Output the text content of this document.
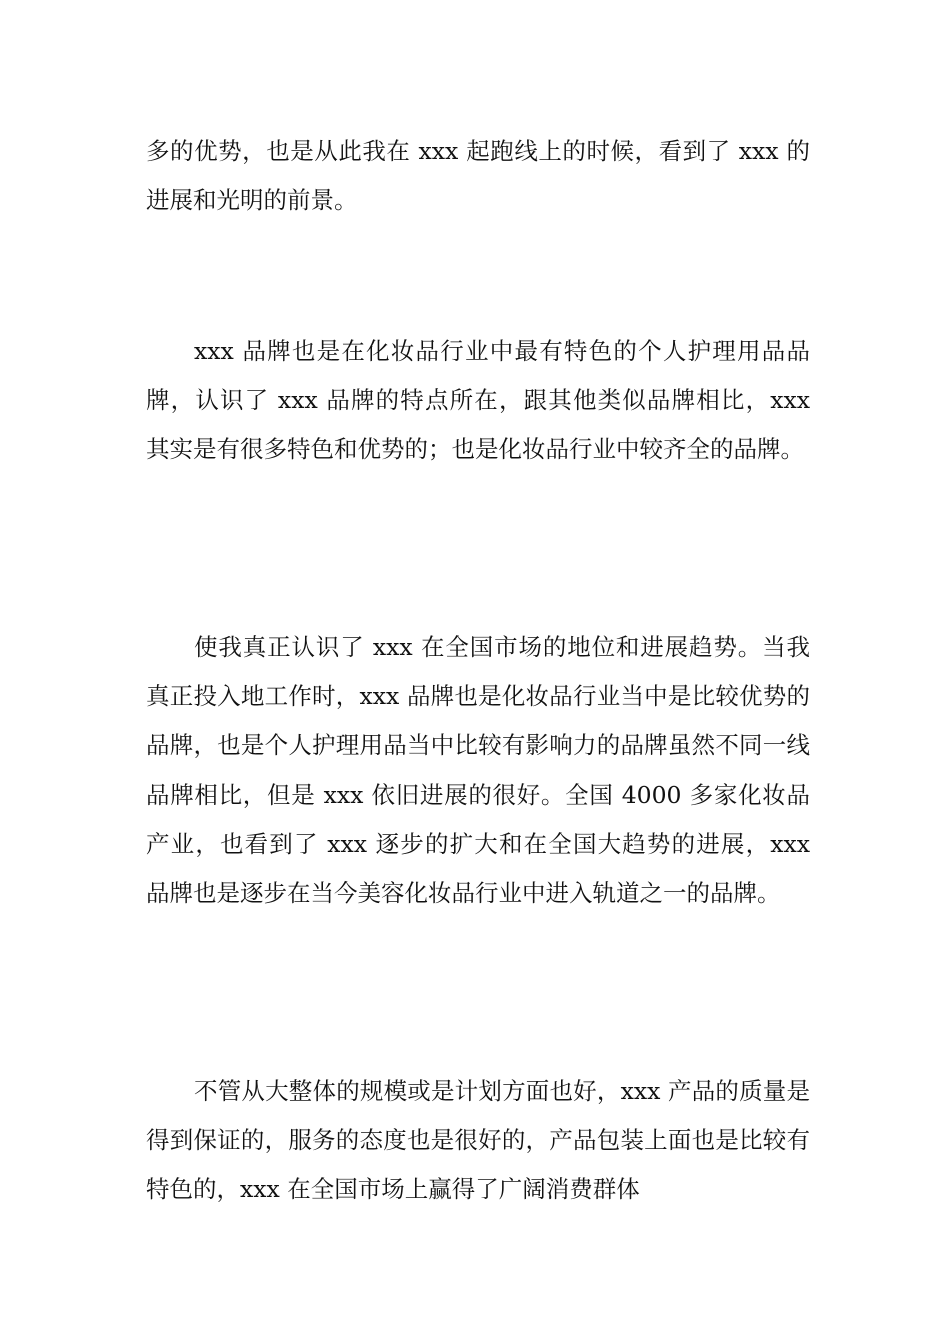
多的优势，也是从此我在 xxx 起跑线上的时候，看到了 xxx 的进展和光明的前景。

xxx 品牌也是在化妆品行业中最有特色的个人护理用品品牌，认识了 xxx 品牌的特点所在，跟其他类似品牌相比，xxx 其实是有很多特色和优势的；也是化妆品行业中较齐全的品牌。

使我真正认识了 xxx 在全国市场的地位和进展趋势。当我真正投入地工作时，xxx 品牌也是化妆品行业当中是比较优势的品牌，也是个人护理用品当中比较有影响力的品牌虽然不同一线品牌相比，但是 xxx 依旧进展的很好。全国 4000 多家化妆品产业，也看到了 xxx 逐步的扩大和在全国大趋势的进展，xxx 品牌也是逐步在当今美容化妆品行业中进入轨道之一的品牌。

不管从大整体的规模或是计划方面也好，xxx 产品的质量是得到保证的，服务的态度也是很好的，产品包装上面也是比较有特色的，xxx 在全国市场上赢得了广阔消费群体
